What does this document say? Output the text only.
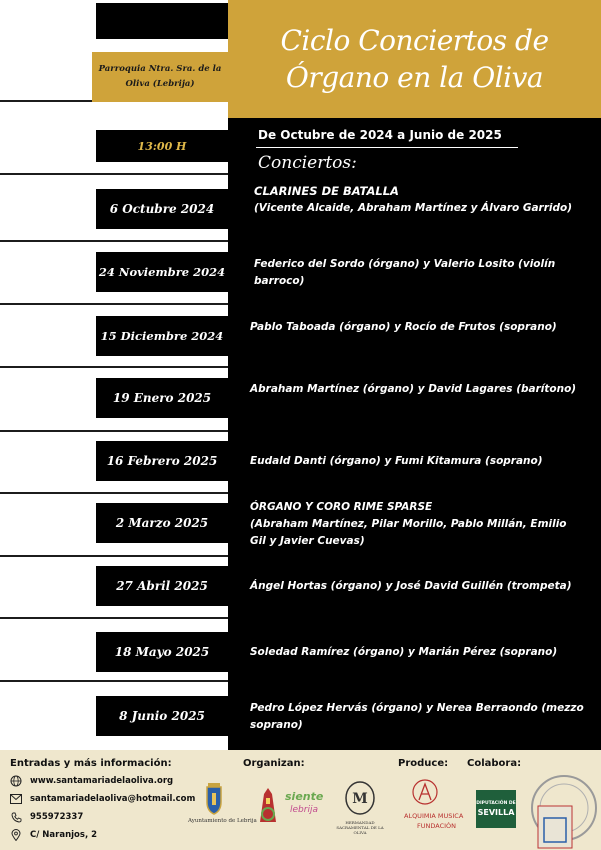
13:00 H
6 Octubre 2024
24 Noviembre 2024
15 Diciembre 2024
19 Enero 2025
16 Febrero 2025
2 Marzo 2025
27 Abril 2025
18 Mayo 2025
8 Junio 2025
Parroquia Ntra. Sra. de la
Oliva (Lebrija)
Ciclo Conciertos de
Órgano en la Oliva
De Octubre de 2024 a Junio de 2025
Conciertos:
CLARINES DE BATALLA
(Vicente Alcaide, Abraham Martínez y Álvaro Garrido)
Federico del Sordo (órgano) y Valerio Losito (violín barroco)
Pablo Taboada (órgano) y Rocío de Frutos (soprano)
Abraham Martínez (órgano) y David Lagares (barítono)
Eudald Danti (órgano) y Fumi Kitamura (soprano)
ÓRGANO Y CORO RIME SPARSE
(Abraham Martínez, Pilar Morillo, Pablo Millán, Emilio Gil y Javier Cuevas)
Ángel Hortas (órgano) y José David Guillén (trompeta)
Soledad Ramírez (órgano) y Marián Pérez (soprano)
Pedro López Hervás (órgano) y Nerea Berraondo (mezzo soprano)
Entradas y más información:
www.santamariadelaoliva.org
santamariadelaoliva@hotmail.com
955972337
C/ Naranjos, 2
Organizan:	Produce: Colabora:
Ayuntamiento de Lebrija
siente
lebrija
M
HERMANDAD SACRAMENTAL DE LA OLIVA
ALQUIMIA MUSICA
FUNDACIÓN
DIPUTACIÓN DE
SEVILLA
